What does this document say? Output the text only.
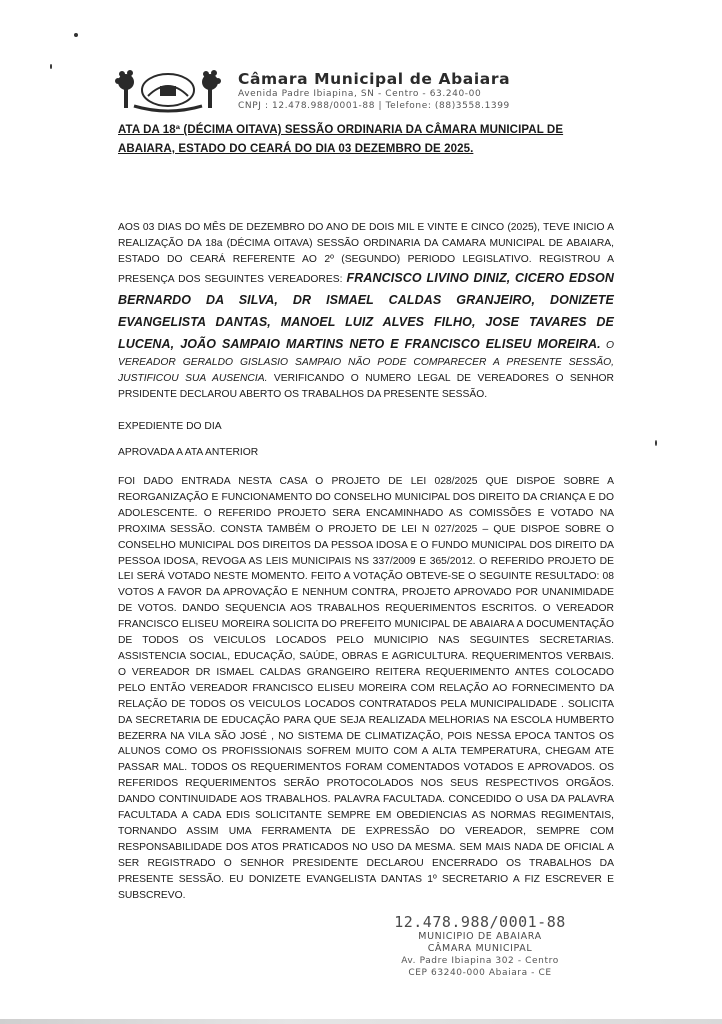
Câmara Municipal de Abaiara
Avenida Padre Ibiapina, SN - Centro - 63.240-00
CNPJ : 12.478.988/0001-88 | Telefone: (88)3558.1399
ATA DA 18ª (DÉCIMA OITAVA) SESSÃO ORDINARIA DA CÂMARA MUNICIPAL DE
ABAIARA, ESTADO DO CEARÁ DO DIA 03 DEZEMBRO DE 2025.
AOS 03 DIAS DO MÊS DE DEZEMBRO DO ANO DE DOIS MIL E VINTE E CINCO (2025), TEVE INICIO A REALIZAÇÃO DA 18a (DÉCIMA OITAVA) SESSÃO ORDINARIA DA CAMARA MUNICIPAL DE ABAIARA, ESTADO DO CEARÁ REFERENTE AO 2º (SEGUNDO) PERIODO LEGISLATIVO. REGISTROU A PRESENÇA DOS SEGUINTES VEREADORES: FRANCISCO LIVINO DINIZ, CICERO EDSON BERNARDO DA SILVA, DR ISMAEL CALDAS GRANJEIRO, DONIZETE EVANGELISTA DANTAS, MANOEL LUIZ ALVES FILHO, JOSE TAVARES DE LUCENA, JOÃO SAMPAIO MARTINS NETO E FRANCISCO ELISEU MOREIRA. O VEREADOR GERALDO GISLASIO SAMPAIO NÃO PODE COMPARECER A PRESENTE SESSÃO, JUSTIFICOU SUA AUSENCIA. VERIFICANDO O NUMERO LEGAL DE VEREADORES O SENHOR PRSIDENTE DECLAROU ABERTO OS TRABALHOS DA PRESENTE SESSÃO.
EXPEDIENTE DO DIA
APROVADA A ATA ANTERIOR
FOI DADO ENTRADA NESTA CASA O PROJETO DE LEI 028/2025 QUE DISPOE SOBRE A REORGANIZAÇÃO E FUNCIONAMENTO DO CONSELHO MUNICIPAL DOS DIREITO DA CRIANÇA E DO ADOLESCENTE. O REFERIDO PROJETO SERA ENCAMINHADO AS COMISSÕES E VOTADO NA PROXIMA SESSÃO. CONSTA TAMBÉM O PROJETO DE LEI N 027/2025 – QUE DISPOE SOBRE O CONSELHO MUNICIPAL DOS DIREITOS DA PESSOA IDOSA E O FUNDO MUNICIPAL DOS DIREITO DA PESSOA IDOSA, REVOGA AS LEIS MUNICIPAIS NS 337/2009 E 365/2012. O REFERIDO PROJETO DE LEI SERÁ VOTADO NESTE MOMENTO. FEITO A VOTAÇÃO OBTEVE-SE O SEGUINTE RESULTADO: 08 VOTOS A FAVOR DA APROVAÇÃO E NENHUM CONTRA, PROJETO APROVADO POR UNANIMIDADE DE VOTOS. DANDO SEQUENCIA AOS TRABALHOS REQUERIMENTOS ESCRITOS. O VEREADOR FRANCISCO ELISEU MOREIRA SOLICITA DO PREFEITO MUNICIPAL DE ABAIARA A DOCUMENTAÇÃO DE TODOS OS VEICULOS LOCADOS PELO MUNICIPIO NAS SEGUINTES SECRETARIAS. ASSISTENCIA SOCIAL, EDUCAÇÃO, SAÚDE, OBRAS E AGRICULTURA. REQUERIMENTOS VERBAIS. O VEREADOR DR ISMAEL CALDAS GRANGEIRO REITERA REQUERIMENTO ANTES COLOCADO PELO ENTÃO VEREADOR FRANCISCO ELISEU MOREIRA COM RELAÇÃO AO FORNECIMENTO DA RELAÇÃO DE TODOS OS VEICULOS LOCADOS CONTRATADOS PELA MUNICIPALIDADE . SOLICITA DA SECRETARIA DE EDUCAÇÃO PARA QUE SEJA REALIZADA MELHORIAS NA ESCOLA HUMBERTO BEZERRA NA VILA SÃO JOSÉ , NO SISTEMA DE CLIMATIZAÇÃO, POIS NESSA EPOCA TANTOS OS ALUNOS COMO OS PROFISSIONAIS SOFREM MUITO COM A ALTA TEMPERATURA, CHEGAM ATE PASSAR MAL. TODOS OS REQUERIMENTOS FORAM COMENTADOS VOTADOS E APROVADOS. OS REFERIDOS REQUERIMENTOS SERÃO PROTOCOLADOS NOS SEUS RESPECTIVOS ORGÃOS. DANDO CONTINUIDADE AOS TRABALHOS. PALAVRA FACULTADA. CONCEDIDO O USA DA PALAVRA FACULTADA A CADA EDIS SOLICITANTE SEMPRE EM OBEDIENCIAS AS NORMAS REGIMENTAIS, TORNANDO ASSIM UMA FERRAMENTA DE EXPRESSÃO DO VEREADOR, SEMPRE COM RESPONSABILIDADE DOS ATOS PRATICADOS NO USO DA MESMA. SEM MAIS NADA DE OFICIAL A SER REGISTRADO O SENHOR PRESIDENTE DECLAROU ENCERRADO OS TRABALHOS DA PRESENTE SESSÃO. EU DONIZETE EVANGELISTA DANTAS 1º SECRETARIO A FIZ ESCREVER E SUBSCREVO.
12.478.988/0001-88
MUNICIPIO DE ABAIARA
CÂMARA MUNICIPAL
Av. Padre Ibiapina 302 - Centro
CEP 63240-000 Abaiara - CE
